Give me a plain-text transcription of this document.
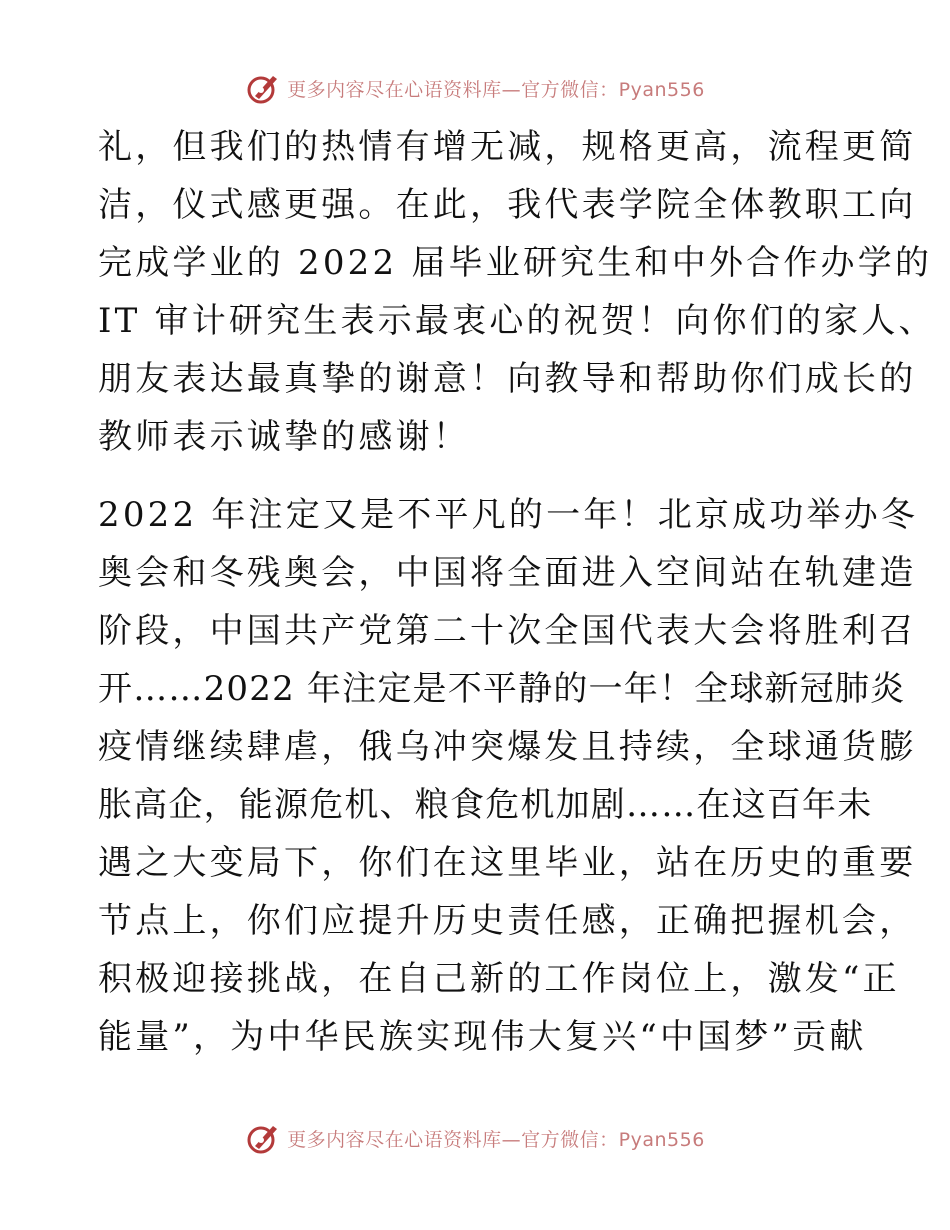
更多内容尽在心语资料库—官方微信：Pyan556
礼，但我们的热情有增无减，规格更高，流程更简
洁，仪式感更强。在此，我代表学院全体教职工向
完成学业的 2022 届毕业研究生和中外合作办学的
IT 审计研究生表示最衷心的祝贺！向你们的家人、
朋友表达最真挚的谢意！向教导和帮助你们成长的
教师表示诚挚的感谢！
2022 年注定又是不平凡的一年！北京成功举办冬
奥会和冬残奥会，中国将全面进入空间站在轨建造
阶段，中国共产党第二十次全国代表大会将胜利召
开……2022 年注定是不平静的一年！全球新冠肺炎
疫情继续肆虐，俄乌冲突爆发且持续，全球通货膨
胀高企，能源危机、粮食危机加剧……在这百年未
遇之大变局下，你们在这里毕业，站在历史的重要
节点上，你们应提升历史责任感，正确把握机会，
积极迎接挑战，在自己新的工作岗位上，激发“正
能量”，为中华民族实现伟大复兴“中国梦”贡献
更多内容尽在心语资料库—官方微信：Pyan556
